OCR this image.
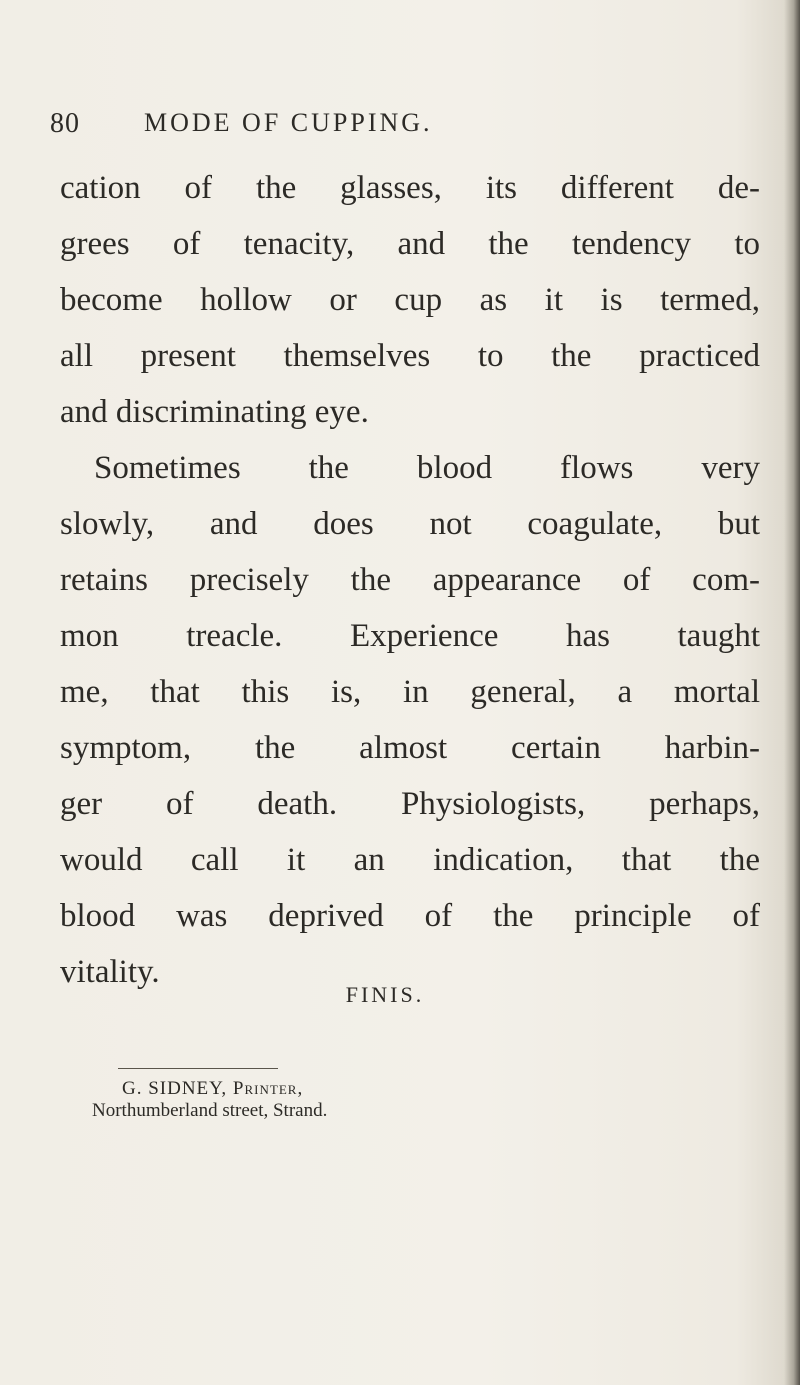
80 MODE OF CUPPING.
cation of the glasses, its different de-
grees of tenacity, and the tendency to
become hollow or cup as it is termed,
all present themselves to the practiced
and discriminating eye.
Sometimes the blood flows very
slowly, and does not coagulate, but
retains precisely the appearance of com-
mon treacle. Experience has taught
me, that this is, in general, a mortal
symptom, the almost certain harbin-
ger of death. Physiologists, perhaps,
would call it an indication, that the
blood was deprived of the principle of
vitality.
FINIS.
G. SIDNEY, Printer,
Northumberland street, Strand.
